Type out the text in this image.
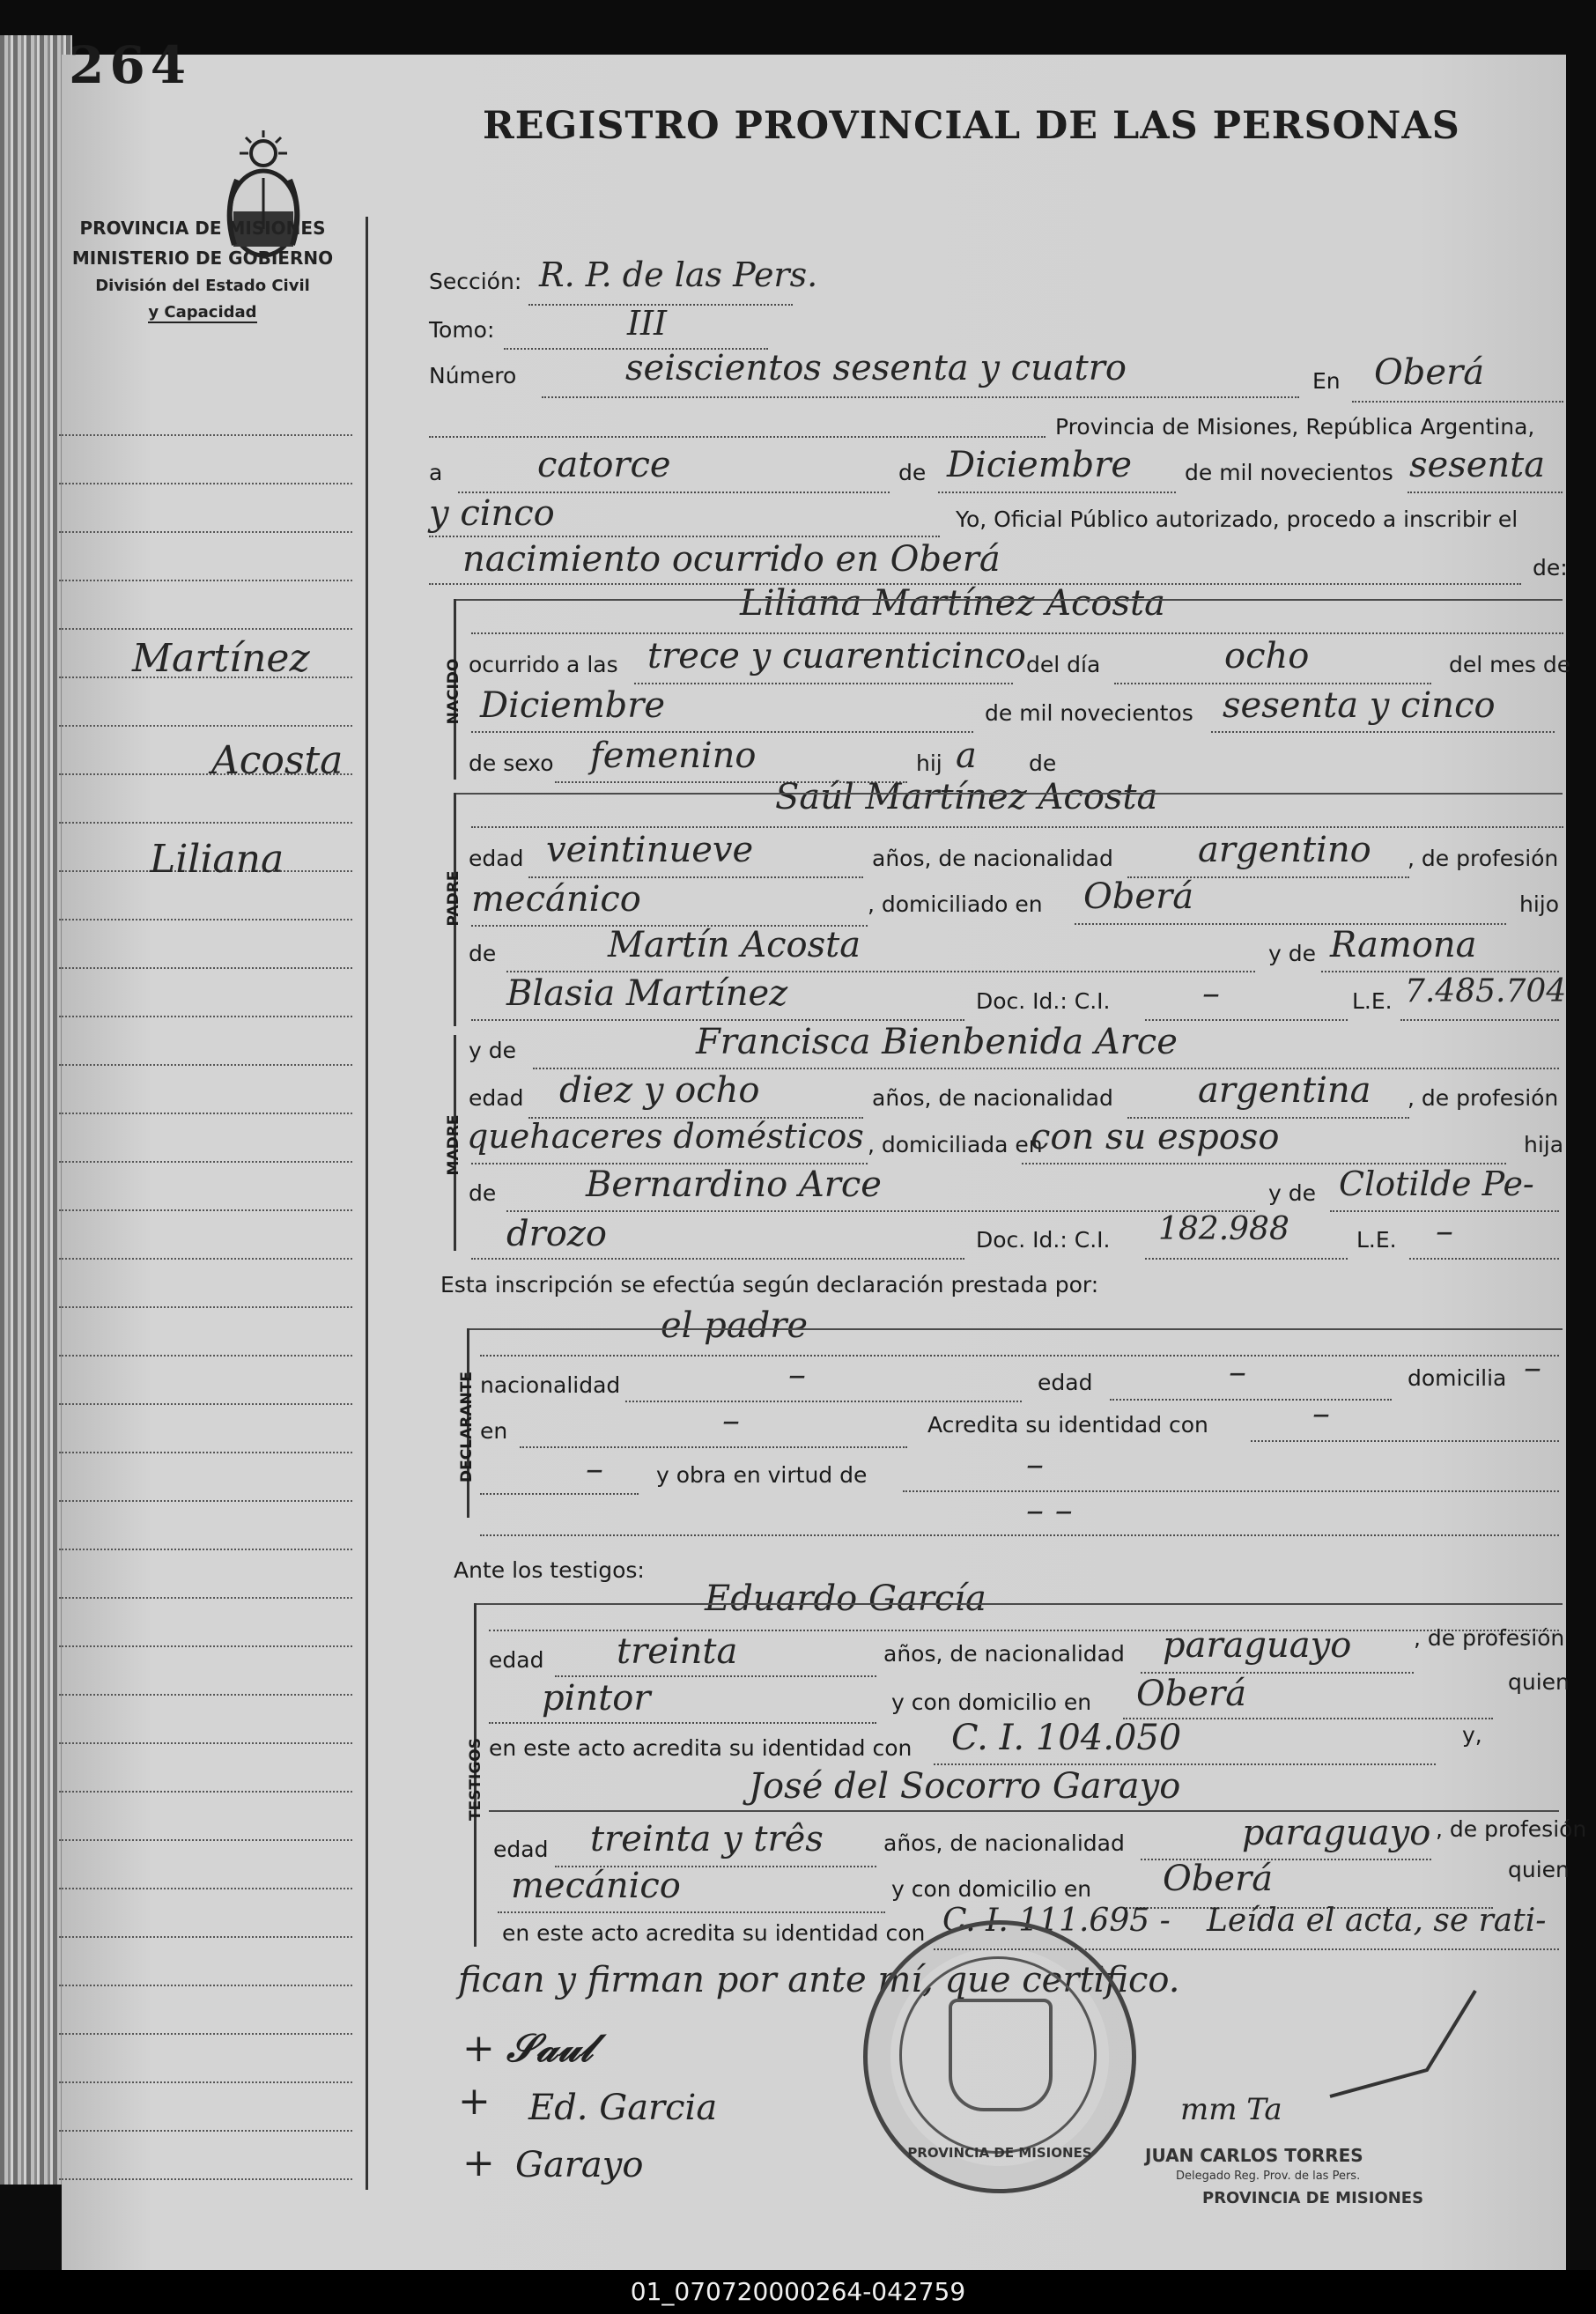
264
REGISTRO PROVINCIAL DE LAS PERSONAS
PROVINCIA DE MISIONES
MINISTERIO DE GOBIERNO
División del Estado Civil
y Capacidad
Martínez
Acosta
Liliana
Sección: R. P. de las Pers.
Tomo:	III
Número	seiscientos sesenta y cuatro	En Oberá
Provincia de Misiones, República Argentina,
a	catorce	de Diciembre de mil novecientos sesenta
y cinco	Yo, Oficial Público autorizado, procedo a inscribir el
nacimiento ocurrido en Oberá	de:
NACIDO
Liliana Martínez Acosta
ocurrido a las trece y cuarenticinco del día	ocho	del mes de
Diciembre	de mil novecientos sesenta y cinco
de sexo femenino	hij a de
PADRE
Saúl Martínez Acosta
edad veintinueve	años, de nacionalidad argentino , de profesión
mecánico	, domiciliado en Oberá	hijo
de	Martín Acosta	y de Ramona
Blasia Martínez	Doc. Id.: C.I.	–	L.E. 7.485.704
MADRE
y de	Francisca Bienbenida Arce
edad diez y ocho	años, de nacionalidad argentina , de profesión
quehaceres domésticos , domiciliada en
con su esposo	hija
de	Bernardino Arce	y de Clotilde Pe-
drozo	Doc. Id.: C.I. 182.988	L.E. –
Esta inscripción se efectúa según declaración prestada por:
DECLARANTE
el padre
nacionalidad	–	edad	–	domicilia –
en	–	Acredita su identidad con	–
– y obra en virtud de	–
– –
Ante los testigos:
TESTIGOS
Eduardo García
edad treinta	años, de nacionalidad paraguayo	, de profesión
pintor	y con domicilio en Oberá	quien
en este acto acredita su identidad con C. I. 104.050	y,
José del Socorro Garayo
edad treinta y três	años, de nacionalidad	paraguayo , de profesión
mecánico	y con domicilio en Oberá	quien
en este acto acredita su identidad con C. I. 111.695 - Leída el acta, se rati-
fican y firman por ante mí, que certifico.
PROVINCIA DE MISIONES
+ 𝒮𝒶𝓊𝓁
+ Ed. Garcia
+ Garayo
mm Ta
JUAN CARLOS TORRES
Delegado Reg. Prov. de las Pers.
PROVINCIA DE MISIONES
01_070720000264-042759
